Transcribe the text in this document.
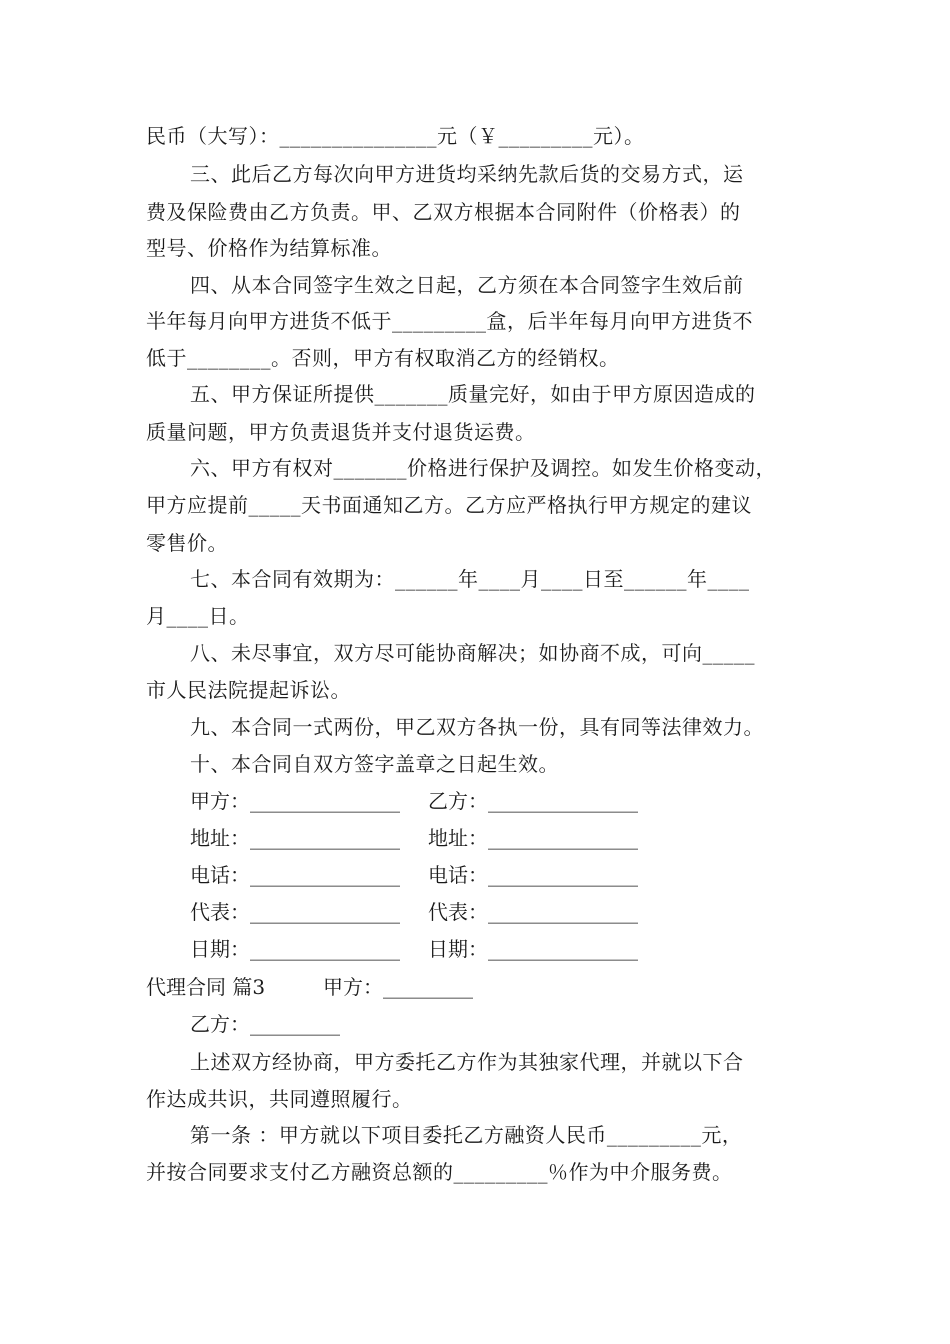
民币（大写）：_______________元（￥_________元）。
三、此后乙方每次向甲方进货均采纳先款后货的交易方式，运
费及保险费由乙方负责。甲、乙双方根据本合同附件（价格表）的
型号、价格作为结算标准。
四、从本合同签字生效之日起，乙方须在本合同签字生效后前
半年每月向甲方进货不低于_________盒，后半年每月向甲方进货不
低于________。否则，甲方有权取消乙方的经销权。
五、甲方保证所提供_______质量完好，如由于甲方原因造成的
质量问题，甲方负责退货并支付退货运费。
六、甲方有权对_______价格进行保护及调控。如发生价格变动，
甲方应提前_____天书面通知乙方。乙方应严格执行甲方规定的建议
零售价。
七、本合同有效期为：______年____月____日至______年____
月____日。
八、未尽事宜，双方尽可能协商解决；如协商不成，可向_____
市人民法院提起诉讼。
九、本合同一式两份，甲乙双方各执一份，具有同等法律效力。
十、本合同自双方签字盖章之日起生效。
甲方：_______________ 乙方：_______________
地址：_______________ 地址：_______________
电话：_______________ 电话：_______________
代表：_______________ 代表：_______________
日期：_______________ 日期：_______________
代理合同 篇3	甲方：_________
乙方：_________
上述双方经协商，甲方委托乙方作为其独家代理，并就以下合
作达成共识，共同遵照履行。
第一条 ：甲方就以下项目委托乙方融资人民币_________元，
并按合同要求支付乙方融资总额的_________％作为中介服务费。
